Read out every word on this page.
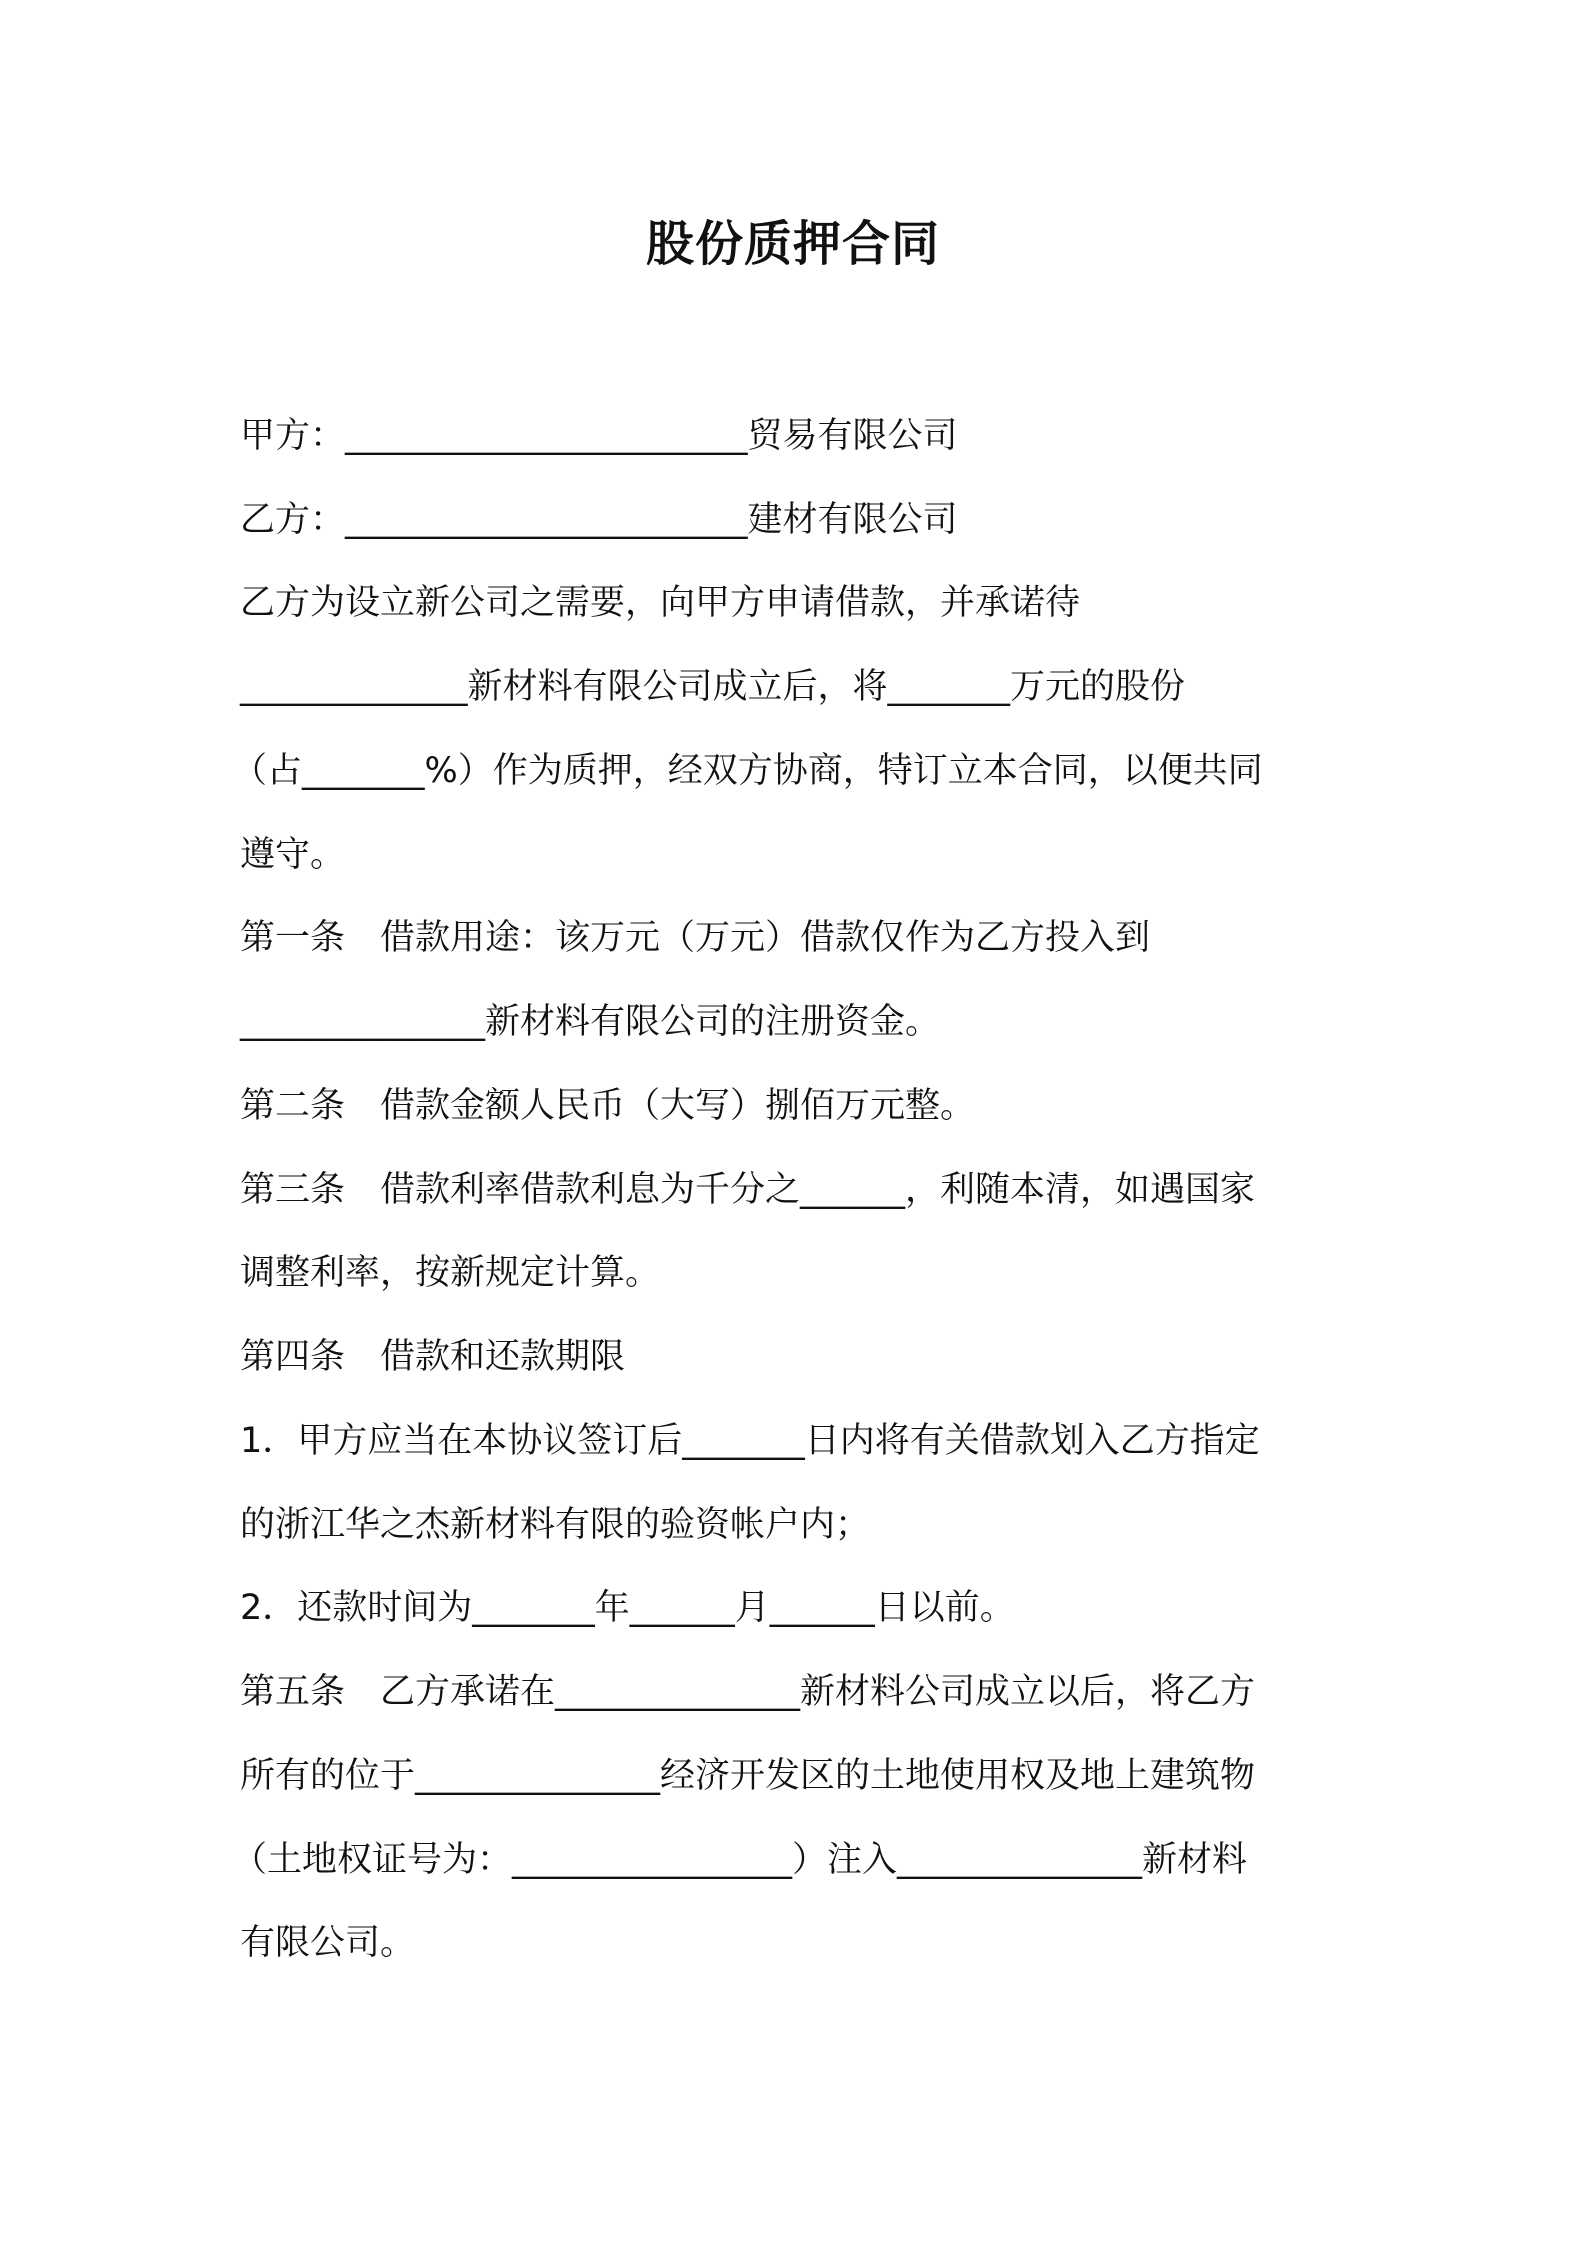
股份质押合同
甲方：_______________________贸易有限公司
乙方：_______________________建材有限公司
乙方为设立新公司之需要，向甲方申请借款，并承诺待
_____________新材料有限公司成立后，将_______万元的股份
（占_______%）作为质押，经双方协商，特订立本合同，以便共同
遵守。
第一条　借款用途：该万元（万元）借款仅作为乙方投入到
______________新材料有限公司的注册资金。
第二条　借款金额人民币（大写）捌佰万元整。
第三条　借款利率借款利息为千分之______，利随本清，如遇国家
调整利率，按新规定计算。
第四条　借款和还款期限
1．甲方应当在本协议签订后_______日内将有关借款划入乙方指定
的浙江华之杰新材料有限的验资帐户内；
2．还款时间为_______年______月______日以前。
第五条　乙方承诺在______________新材料公司成立以后，将乙方
所有的位于______________经济开发区的土地使用权及地上建筑物
（土地权证号为：________________）注入______________新材料
有限公司。
